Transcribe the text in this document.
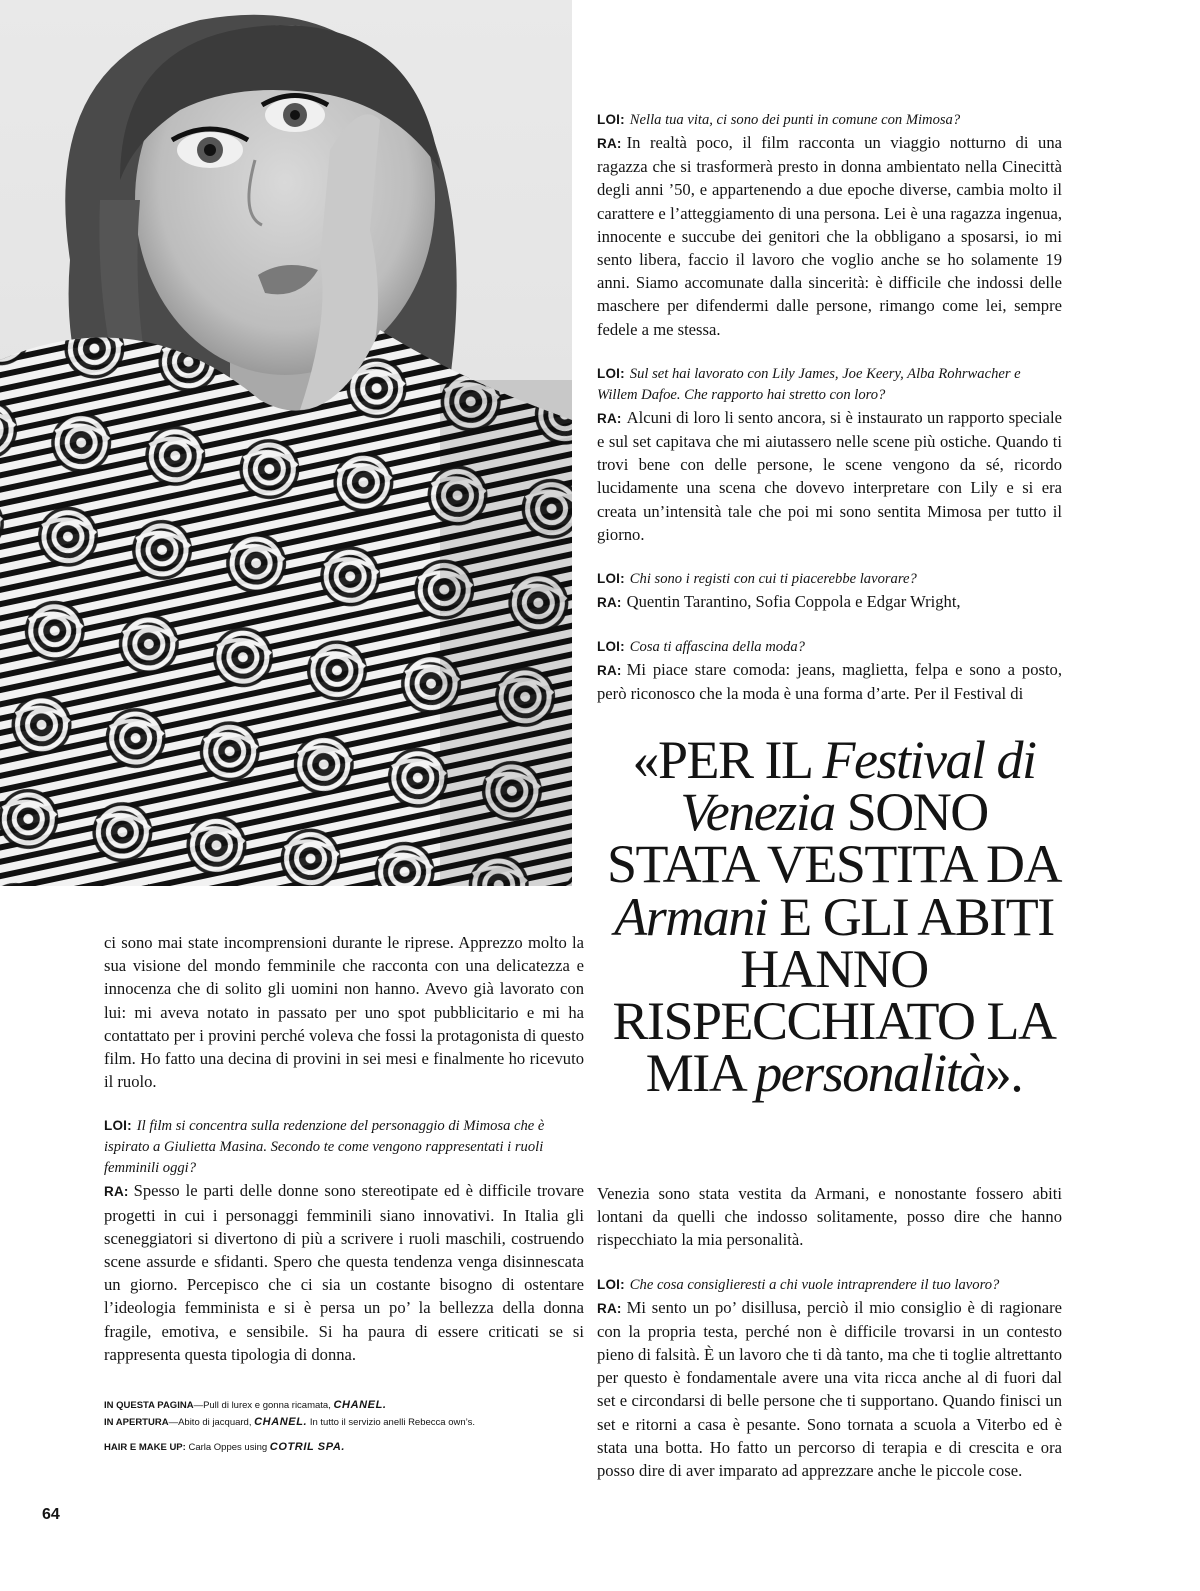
ci sono mai state incomprensioni durante le riprese. Apprezzo molto la sua visione del mondo femminile che racconta con una delicatezza e innocenza che di solito gli uomini non hanno. Avevo già lavorato con lui: mi aveva notato in passato per uno spot pubblicitario e mi ha contattato per i provini perché voleva che fossi la protagonista di questo film. Ho fatto una decina di provini in sei mesi e finalmente ho ricevuto il ruolo.

LOI: Il film si concentra sulla redenzione del personaggio di Mimosa che è ispirato a Giulietta Masina. Secondo te come vengono rappresentati i ruoli femminili oggi?

RA: Spesso le parti delle donne sono stereotipate ed è difficile trovare progetti in cui i personaggi femminili siano innovativi. In Italia gli sceneggiatori si divertono di più a scrivere i ruoli maschili, costruendo scene assurde e sfidanti. Spero che questa tendenza venga disinnescata un giorno. Percepisco che ci sia un costante bisogno di ostentare l’ideologia femminista e si è persa un po’ la bellezza della donna fragile, emotiva, e sensibile. Si ha paura di essere criticati se si rappresenta questa tipologia di donna.

LOI: Nella tua vita, ci sono dei punti in comune con Mimosa?

RA: In realtà poco, il film racconta un viaggio notturno di una ragazza che si trasformerà presto in donna ambientato nella Cinecittà degli anni ’50, e appartenendo a due epoche diverse, cambia molto il carattere e l’atteggiamento di una persona. Lei è una ragazza ingenua, innocente e succube dei genitori che la obbligano a sposarsi, io mi sento libera, faccio il lavoro che voglio anche se ho solamente 19 anni. Siamo accomunate dalla sincerità: è difficile che indossi delle maschere per difendermi dalle persone, rimango come lei, sempre fedele a me stessa.

LOI: Sul set hai lavorato con Lily James, Joe Keery, Alba Rohrwacher e Willem Dafoe. Che rapporto hai stretto con loro?

RA: Alcuni di loro li sento ancora, si è instaurato un rapporto speciale e sul set capitava che mi aiutassero nelle scene più ostiche. Quando ti trovi bene con delle persone, le scene vengono da sé, ricordo lucidamente una scena che dovevo interpretare con Lily e si era creata un’intensità tale che poi mi sono sentita Mimosa per tutto il giorno.

LOI: Chi sono i registi con cui ti piacerebbe lavorare?

RA: Quentin Tarantino, Sofia Coppola e Edgar Wright,

LOI: Cosa ti affascina della moda?

RA: Mi piace stare comoda: jeans, maglietta, felpa e sono a posto, però riconosco che la moda è una forma d’arte. Per il Festival di

«PER IL Festival di Venezia SONO STATA VESTITA DA Armani E GLI ABITI HANNO RISPECCHIATO LA MIA personalità».

Venezia sono stata vestita da Armani, e nonostante fossero abiti lontani da quelli che indosso solitamente, posso dire che hanno rispecchiato la mia personalità.

LOI: Che cosa consiglieresti a chi vuole intraprendere il tuo lavoro?

RA: Mi sento un po’ disillusa, perciò il mio consiglio è di ragionare con la propria testa, perché non è difficile trovarsi in un contesto pieno di falsità. È un lavoro che ti dà tanto, ma che ti toglie altrettanto per questo è fondamentale avere una vita ricca anche al di fuori dal set e circondarsi di belle persone che ti supportano. Quando finisci un set e ritorni a casa è pesante. Sono tornata a scuola a Viterbo ed è stata una botta. Ho fatto un percorso di terapia e di crescita e ora posso dire di aver imparato ad apprezzare anche le piccole cose.

IN QUESTA PAGINA—Pull di lurex e gonna ricamata, CHANEL.
IN APERTURA—Abito di jacquard, CHANEL. In tutto il servizio anelli Rebecca own’s.
HAIR E MAKE UP: Carla Oppes using COTRIL SPA.
64
